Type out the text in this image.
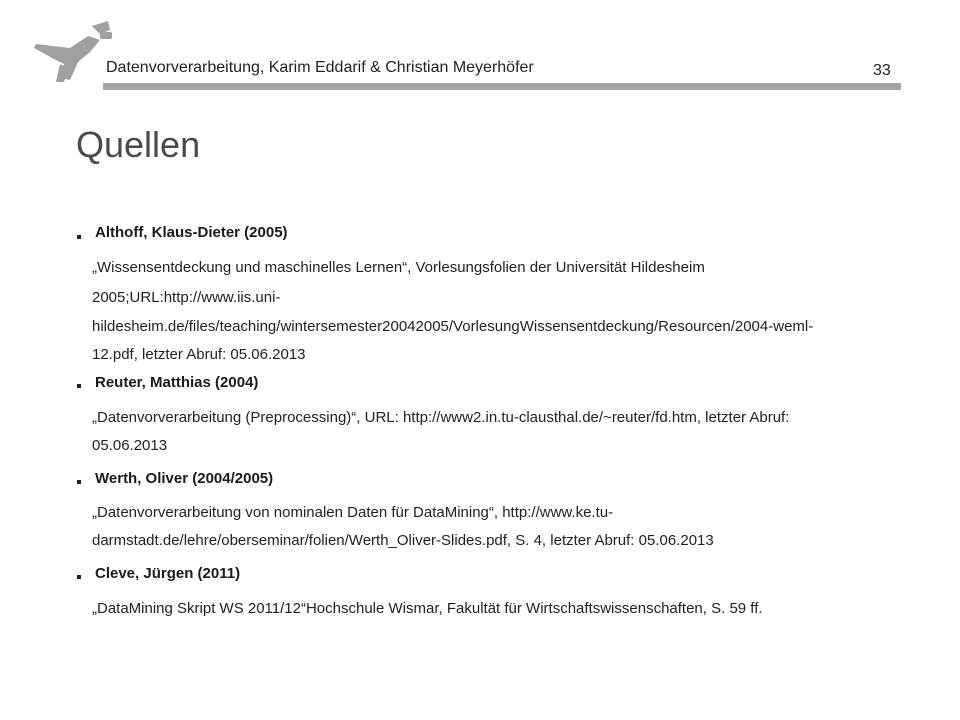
Datenvorverarbeitung, Karim Eddarif & Christian Meyerhöfer	33
Quellen
Althoff, Klaus-Dieter (2005)
„Wissensentdeckung und maschinelles Lernen“, Vorlesungsfolien der Universität Hildesheim
2005;URL:http://www.iis.uni-
hildesheim.de/files/teaching/wintersemester20042005/VorlesungWissensentdeckung/Resourcen/2004-weml-
12.pdf, letzter Abruf: 05.06.2013
Reuter, Matthias (2004)
„Datenvorverarbeitung (Preprocessing)“, URL: http://www2.in.tu-clausthal.de/~reuter/fd.htm, letzter Abruf:
05.06.2013
Werth, Oliver (2004/2005)
„Datenvorverarbeitung von nominalen Daten für DataMining“, http://www.ke.tu-
darmstadt.de/lehre/oberseminar/folien/Werth_Oliver-Slides.pdf, S. 4, letzter Abruf: 05.06.2013
Cleve, Jürgen (2011)
„DataMining Skript WS 2011/12“Hochschule Wismar, Fakultät für Wirtschaftswissenschaften, S. 59 ff.
